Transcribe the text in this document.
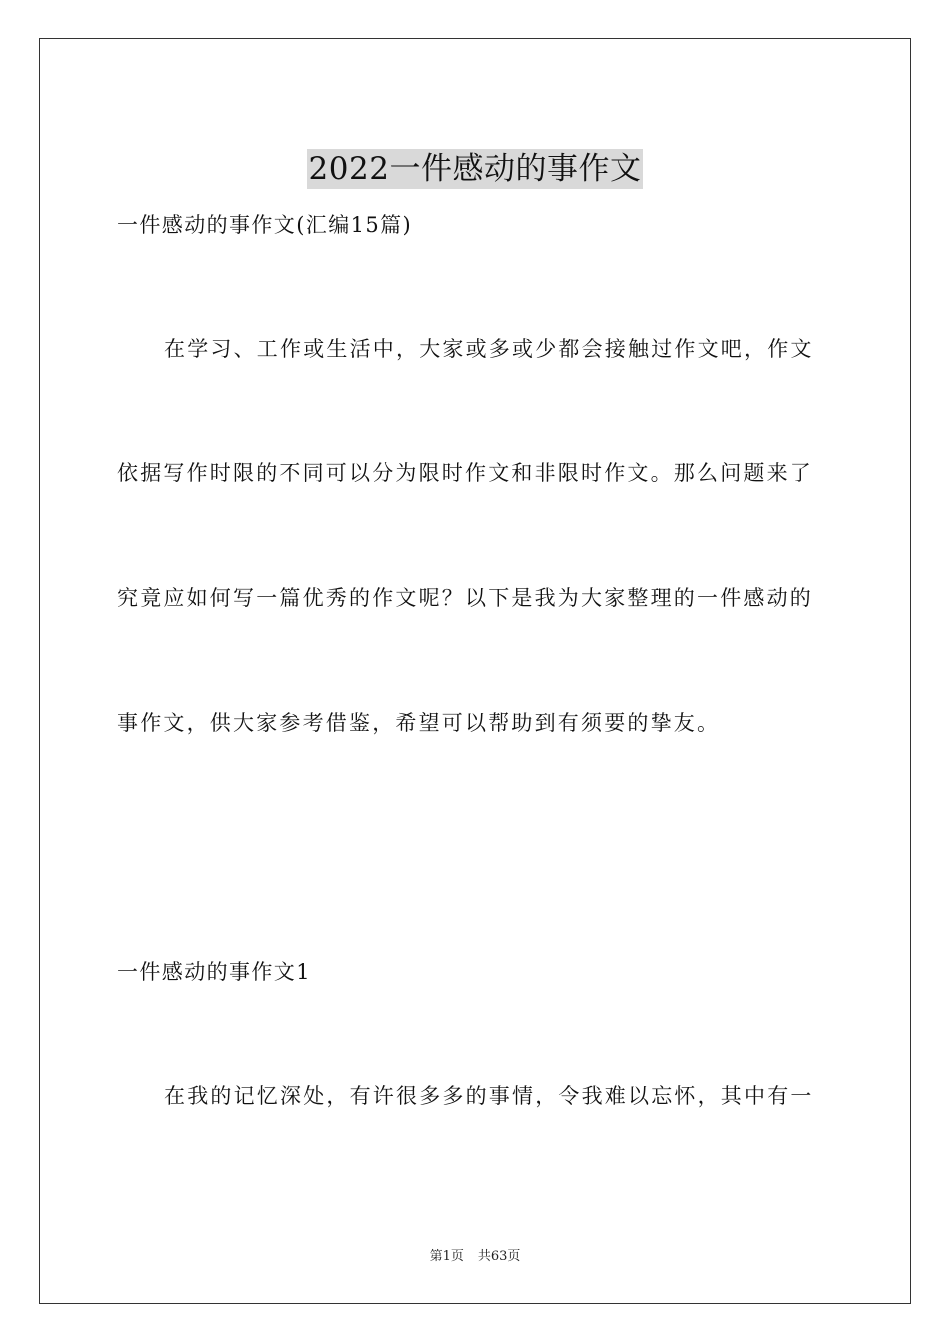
2022一件感动的事作文
一件感动的事作文(汇编15篇)
在学习、工作或生活中，大家或多或少都会接触过作文吧，作文
依据写作时限的不同可以分为限时作文和非限时作文。那么问题来了
究竟应如何写一篇优秀的作文呢？以下是我为大家整理的一件感动的
事作文，供大家参考借鉴，希望可以帮助到有须要的挚友。
一件感动的事作文1
在我的记忆深处，有许很多多的事情，令我难以忘怀，其中有一
第1页 共63页
